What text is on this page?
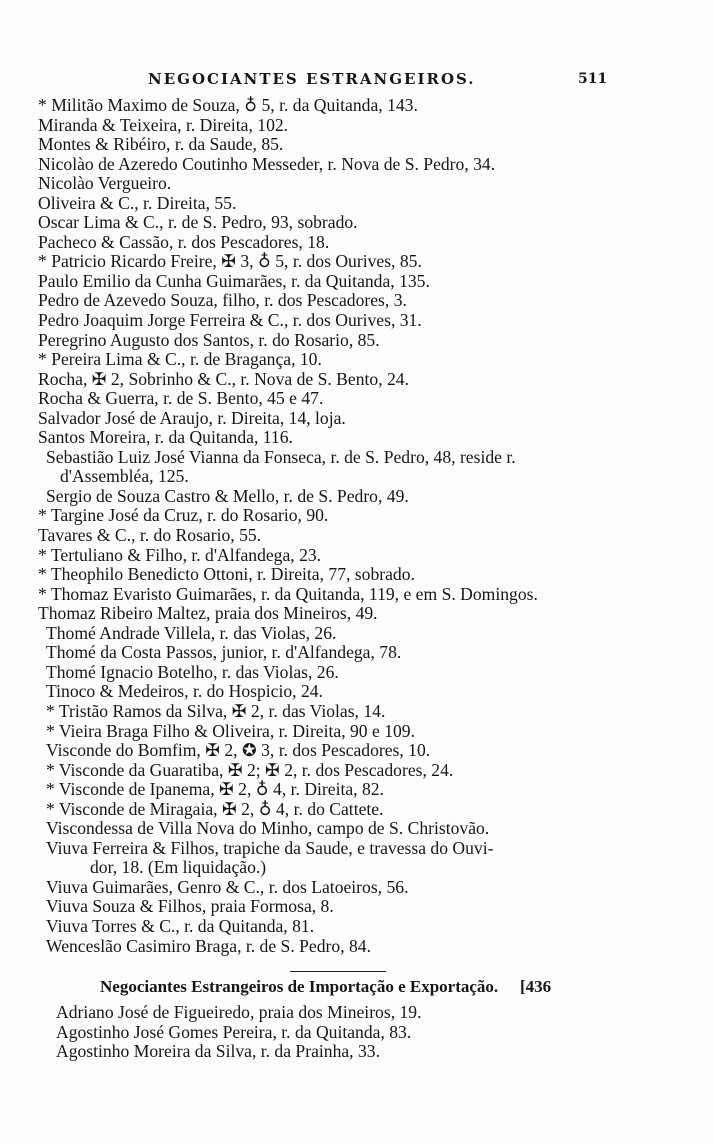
NEGOCIANTES ESTRANGEIROS.	511
* Militão Maximo de Souza, ♁ 5, r. da Quitanda, 143.
Miranda & Teixeira, r. Direita, 102.
Montes & Ribéiro, r. da Saude, 85.
Nicolào de Azeredo Coutinho Messeder, r. Nova de S. Pedro, 34.
Nicolào Vergueiro.
Oliveira & C., r. Direita, 55.
Oscar Lima & C., r. de S. Pedro, 93, sobrado.
Pacheco & Cassão, r. dos Pescadores, 18.
* Patricio Ricardo Freire, ✠ 3, ♁ 5, r. dos Ourives, 85.
Paulo Emilio da Cunha Guimarães, r. da Quitanda, 135.
Pedro de Azevedo Souza, filho, r. dos Pescadores, 3.
Pedro Joaquim Jorge Ferreira & C., r. dos Ourives, 31.
Peregrino Augusto dos Santos, r. do Rosario, 85.
* Pereira Lima & C., r. de Bragança, 10.
Rocha, ✠ 2, Sobrinho & C., r. Nova de S. Bento, 24.
Rocha & Guerra, r. de S. Bento, 45 e 47.
Salvador José de Araujo, r. Direita, 14, loja.
Santos Moreira, r. da Quitanda, 116.
Sebastião Luiz José Vianna da Fonseca, r. de S. Pedro, 48, reside r.
d'Assembléa, 125.
Sergio de Souza Castro & Mello, r. de S. Pedro, 49.
* Targine José da Cruz, r. do Rosario, 90.
Tavares & C., r. do Rosario, 55.
* Tertuliano & Filho, r. d'Alfandega, 23.
* Theophilo Benedicto Ottoni, r. Direita, 77, sobrado.
* Thomaz Evaristo Guimarães, r. da Quitanda, 119, e em S. Domingos.
Thomaz Ribeiro Maltez, praia dos Mineiros, 49.
Thomé Andrade Villela, r. das Violas, 26.
Thomé da Costa Passos, junior, r. d'Alfandega, 78.
Thomé Ignacio Botelho, r. das Violas, 26.
Tinoco & Medeiros, r. do Hospicio, 24.
* Tristão Ramos da Silva, ✠ 2, r. das Violas, 14.
* Vieira Braga Filho & Oliveira, r. Direita, 90 e 109.
Visconde do Bomfim, ✠ 2, ✪ 3, r. dos Pescadores, 10.
* Visconde da Guaratiba, ✠ 2; ✠ 2, r. dos Pescadores, 24.
* Visconde de Ipanema, ✠ 2, ♁ 4, r. Direita, 82.
* Visconde de Miragaia, ✠ 2, ♁ 4, r. do Cattete.
Viscondessa de Villa Nova do Minho, campo de S. Christovão.
Viuva Ferreira & Filhos, trapiche da Saude, e travessa do Ouvi-
dor, 18. (Em liquidação.)
Viuva Guimarães, Genro & C., r. dos Latoeiros, 56.
Viuva Souza & Filhos, praia Formosa, 8.
Viuva Torres & C., r. da Quitanda, 81.
Wenceslão Casimiro Braga, r. de S. Pedro, 84.
Negociantes Estrangeiros de Importação e Exportação. [436
Adriano José de Figueiredo, praia dos Mineiros, 19.
Agostinho José Gomes Pereira, r. da Quitanda, 83.
Agostinho Moreira da Silva, r. da Prainha, 33.
